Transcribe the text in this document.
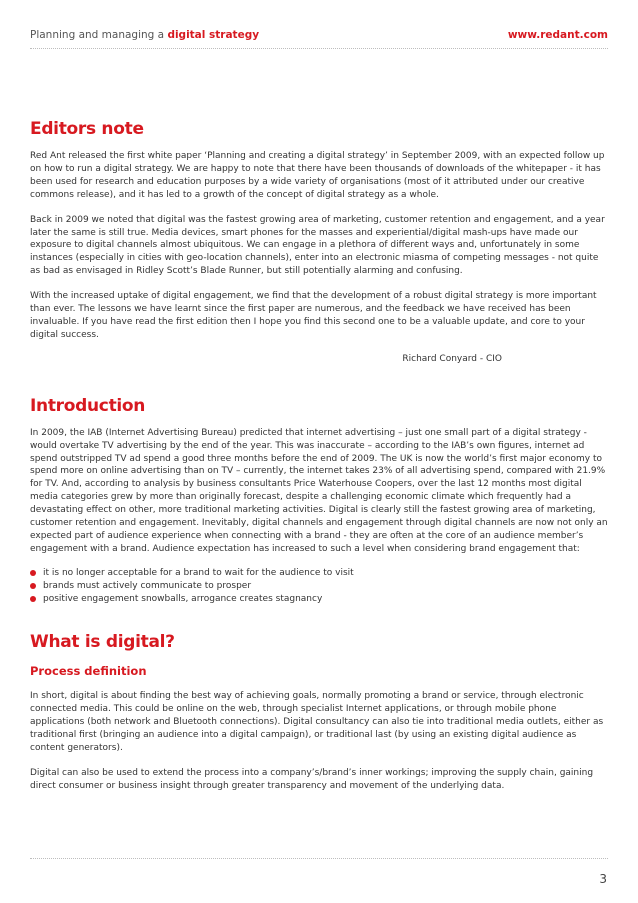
Planning and managing a digital strategy	www.redant.com
Editors note

Red Ant released the first white paper ‘Planning and creating a digital strategy’ in September 2009, with an expected follow up on how to run a digital strategy. We are happy to note that there have been thousands of downloads of the whitepaper - it has been used for research and education purposes by a wide variety of organisations (most of it attributed under our creative commons release), and it has led to a growth of the concept of digital strategy as a whole.

Back in 2009 we noted that digital was the fastest growing area of marketing, customer retention and engagement, and a year later the same is still true. Media devices, smart phones for the masses and experiential/digital mash-ups have made our exposure to digital channels almost ubiquitous. We can engage in a plethora of different ways and, unfortunately in some instances (especially in cities with geo-location channels), enter into an electronic miasma of competing messages - not quite as bad as envisaged in Ridley Scott’s Blade Runner, but still potentially alarming and confusing.

With the increased uptake of digital engagement, we find that the development of a robust digital strategy is more important than ever. The lessons we have learnt since the first paper are numerous, and the feedback we have received has been invaluable. If you have read the first edition then I hope you find this second one to be a valuable update, and core to your digital success.

Richard Conyard - CIO

Introduction

In 2009, the IAB (Internet Advertising Bureau) predicted that internet advertising – just one small part of a digital strategy - would overtake TV advertising by the end of the year. This was inaccurate – according to the IAB’s own figures, internet ad spend outstripped TV ad spend a good three months before the end of 2009. The UK is now the world’s first major economy to spend more on online advertising than on TV – currently, the internet takes 23% of all advertising spend, compared with 21.9% for TV. And, according to analysis by business consultants Price Waterhouse Coopers, over the last 12 months most digital media categories grew by more than originally forecast, despite a challenging economic climate which frequently had a devastating effect on other, more traditional marketing activities. Digital is clearly still the fastest growing area of marketing, customer retention and engagement. Inevitably, digital channels and engagement through digital channels are now not only an expected part of audience experience when connecting with a brand - they are often at the core of an audience member’s engagement with a brand. Audience expectation has increased to such a level when considering brand engagement that:

it is no longer acceptable for a brand to wait for the audience to visit
brands must actively communicate to prosper
positive engagement snowballs, arrogance creates stagnancy
What is digital?
Process definition

In short, digital is about finding the best way of achieving goals, normally promoting a brand or service, through electronic connected media. This could be online on the web, through specialist Internet applications, or through mobile phone applications (both network and Bluetooth connections). Digital consultancy can also tie into traditional media outlets, either as traditional first (bringing an audience into a digital campaign), or traditional last (by using an existing digital audience as content generators).

Digital can also be used to extend the process into a company’s/brand’s inner workings; improving the supply chain, gaining direct consumer or business insight through greater transparency and movement of the underlying data.

3
